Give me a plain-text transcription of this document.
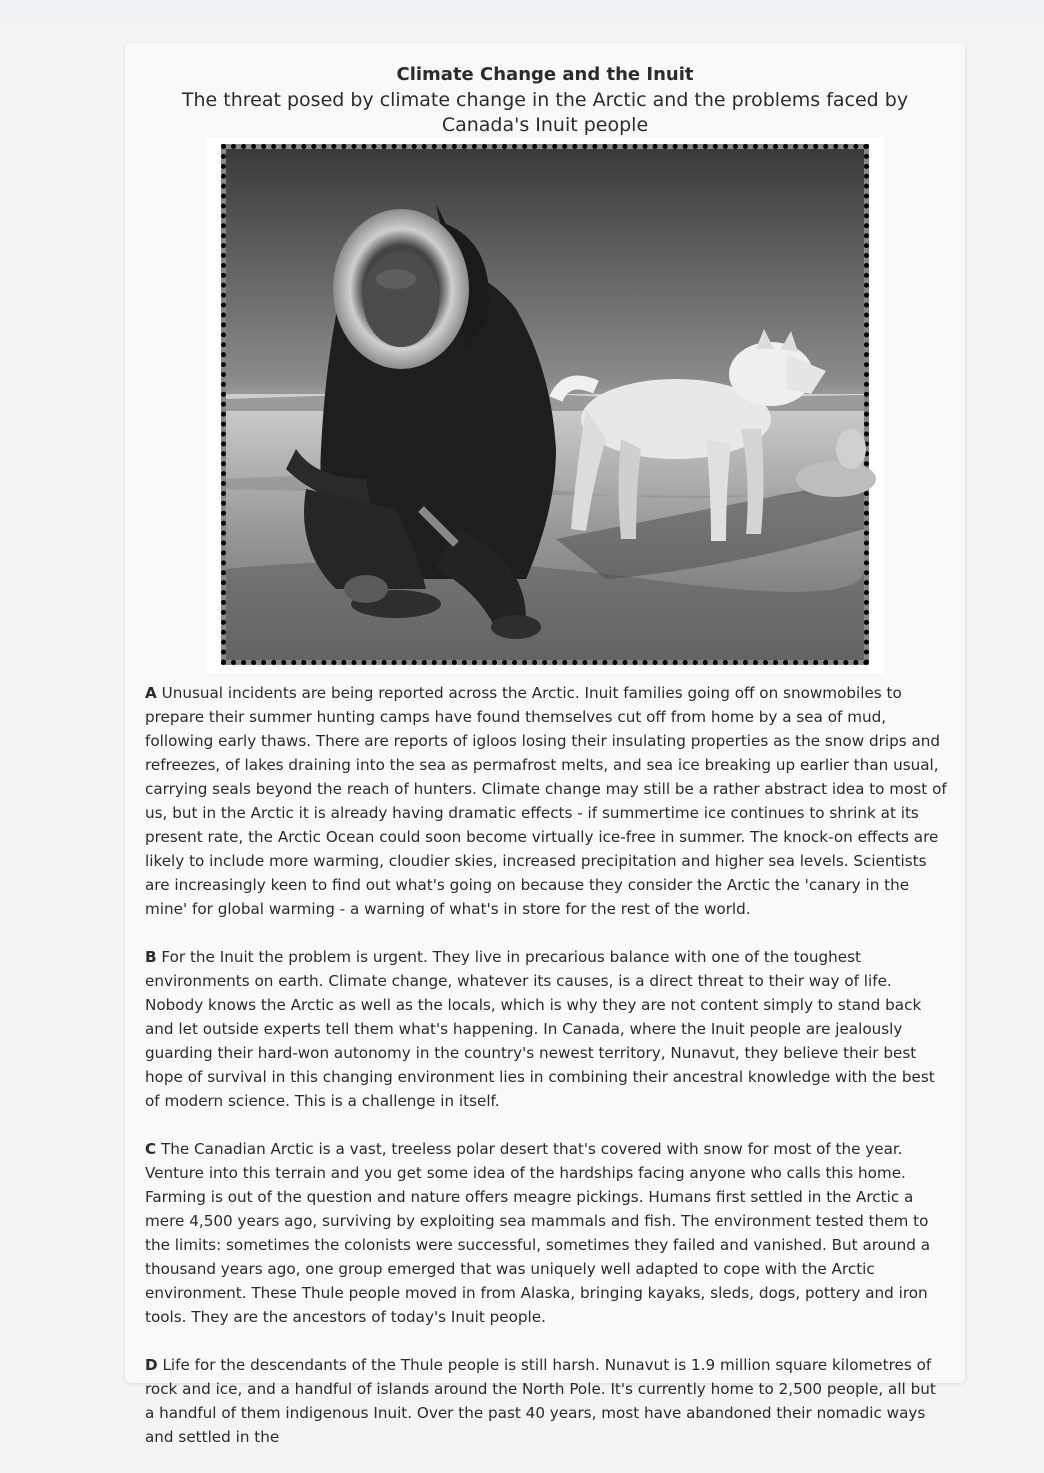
Climate Change and the Inuit
The threat posed by climate change in the Arctic and the problems faced by Canada's Inuit people

A Unusual incidents are being reported across the Arctic. Inuit families going off on snowmobiles to prepare their summer hunting camps have found themselves cut off from home by a sea of mud, following early thaws. There are reports of igloos losing their insulating properties as the snow drips and refreezes, of lakes draining into the sea as permafrost melts, and sea ice breaking up earlier than usual, carrying seals beyond the reach of hunters. Climate change may still be a rather abstract idea to most of us, but in the Arctic it is already having dramatic effects - if summertime ice continues to shrink at its present rate, the Arctic Ocean could soon become virtually ice-free in summer. The knock-on effects are likely to include more warming, cloudier skies, increased precipitation and higher sea levels. Scientists are increasingly keen to find out what's going on because they consider the Arctic the 'canary in the mine' for global warming - a warning of what's in store for the rest of the world.

B For the Inuit the problem is urgent. They live in precarious balance with one of the toughest environments on earth. Climate change, whatever its causes, is a direct threat to their way of life. Nobody knows the Arctic as well as the locals, which is why they are not content simply to stand back and let outside experts tell them what's happening. In Canada, where the Inuit people are jealously guarding their hard-won autonomy in the country's newest territory, Nunavut, they believe their best hope of survival in this changing environment lies in combining their ancestral knowledge with the best of modern science. This is a challenge in itself.

C The Canadian Arctic is a vast, treeless polar desert that's covered with snow for most of the year. Venture into this terrain and you get some idea of the hardships facing anyone who calls this home. Farming is out of the question and nature offers meagre pickings. Humans first settled in the Arctic a mere 4,500 years ago, surviving by exploiting sea mammals and fish. The environment tested them to the limits: sometimes the colonists were successful, sometimes they failed and vanished. But around a thousand years ago, one group emerged that was uniquely well adapted to cope with the Arctic environment. These Thule people moved in from Alaska, bringing kayaks, sleds, dogs, pottery and iron tools. They are the ancestors of today's Inuit people.

D Life for the descendants of the Thule people is still harsh. Nunavut is 1.9 million square kilometres of rock and ice, and a handful of islands around the North Pole. It's currently home to 2,500 people, all but a handful of them indigenous Inuit. Over the past 40 years, most have abandoned their nomadic ways and settled in the
